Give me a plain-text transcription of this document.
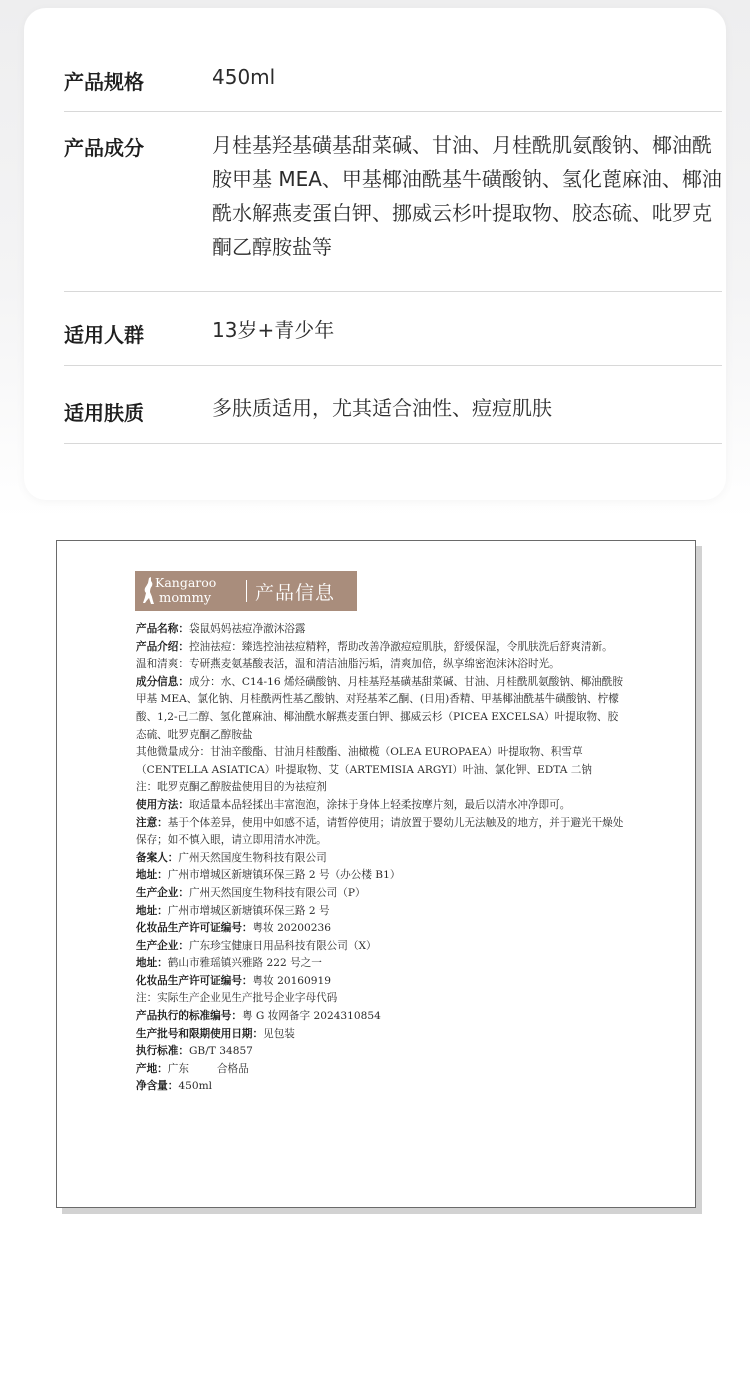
产品规格	450ml
产品成分	月桂基羟基磺基甜菜碱、甘油、月桂酰肌氨酸钠、椰油酰胺甲基 MEA、甲基椰油酰基牛磺酸钠、氢化蓖麻油、椰油酰水解燕麦蛋白钾、挪威云杉叶提取物、胶态硫、吡罗克酮乙醇胺盐等
适用人群	13岁+青少年
适用肤质	多肤质适用，尤其适合油性、痘痘肌肤
Kangaroo
mommy 产品信息

产品名称：袋鼠妈妈祛痘净澈沐浴露

产品介绍：控油祛痘：臻选控油祛痘精粹，帮助改善净澈痘痘肌肤，舒缓保湿，令肌肤洗后舒爽清新。

温和清爽：专研燕麦氨基酸表活，温和清洁油脂污垢，清爽加倍，纵享绵密泡沫沐浴时光。

成分信息：成分：水、C14-16 烯烃磺酸钠、月桂基羟基磺基甜菜碱、甘油、月桂酰肌氨酸钠、椰油酰胺甲基 MEA、氯化钠、月桂酰两性基乙酸钠、对羟基苯乙酮、(日用)香精、甲基椰油酰基牛磺酸钠、柠檬酸、1,2-己二醇、氢化蓖麻油、椰油酰水解燕麦蛋白钾、挪威云杉（PICEA EXCELSA）叶提取物、胶态硫、吡罗克酮乙醇胺盐

其他微量成分：甘油辛酸酯、甘油月桂酸酯、油橄榄（OLEA EUROPAEA）叶提取物、积雪草（CENTELLA ASIATICA）叶提取物、艾（ARTEMISIA ARGYI）叶油、氯化钾、EDTA 二钠

注：吡罗克酮乙醇胺盐使用目的为祛痘剂

使用方法：取适量本品轻揉出丰富泡泡，涂抹于身体上轻柔按摩片刻，最后以清水冲净即可。

注意：基于个体差异，使用中如感不适，请暂停使用；请放置于婴幼儿无法触及的地方，并于避光干燥处保存；如不慎入眼，请立即用清水冲洗。

备案人：广州天然国度生物科技有限公司

地址：广州市增城区新塘镇环保三路 2 号（办公楼 B1）

生产企业：广州天然国度生物科技有限公司（P）

地址：广州市增城区新塘镇环保三路 2 号

化妆品生产许可证编号：粤妆 20200236

生产企业：广东珍宝健康日用品科技有限公司（X）

地址：鹤山市雅瑶镇兴雅路 222 号之一

化妆品生产许可证编号：粤妆 20160919

注：实际生产企业见生产批号企业字母代码

产品执行的标准编号：粤 G 妆网备字 2024310854

生产批号和限期使用日期：见包装

执行标准：GB/T 34857

产地：广东	合格品

净含量：450ml
